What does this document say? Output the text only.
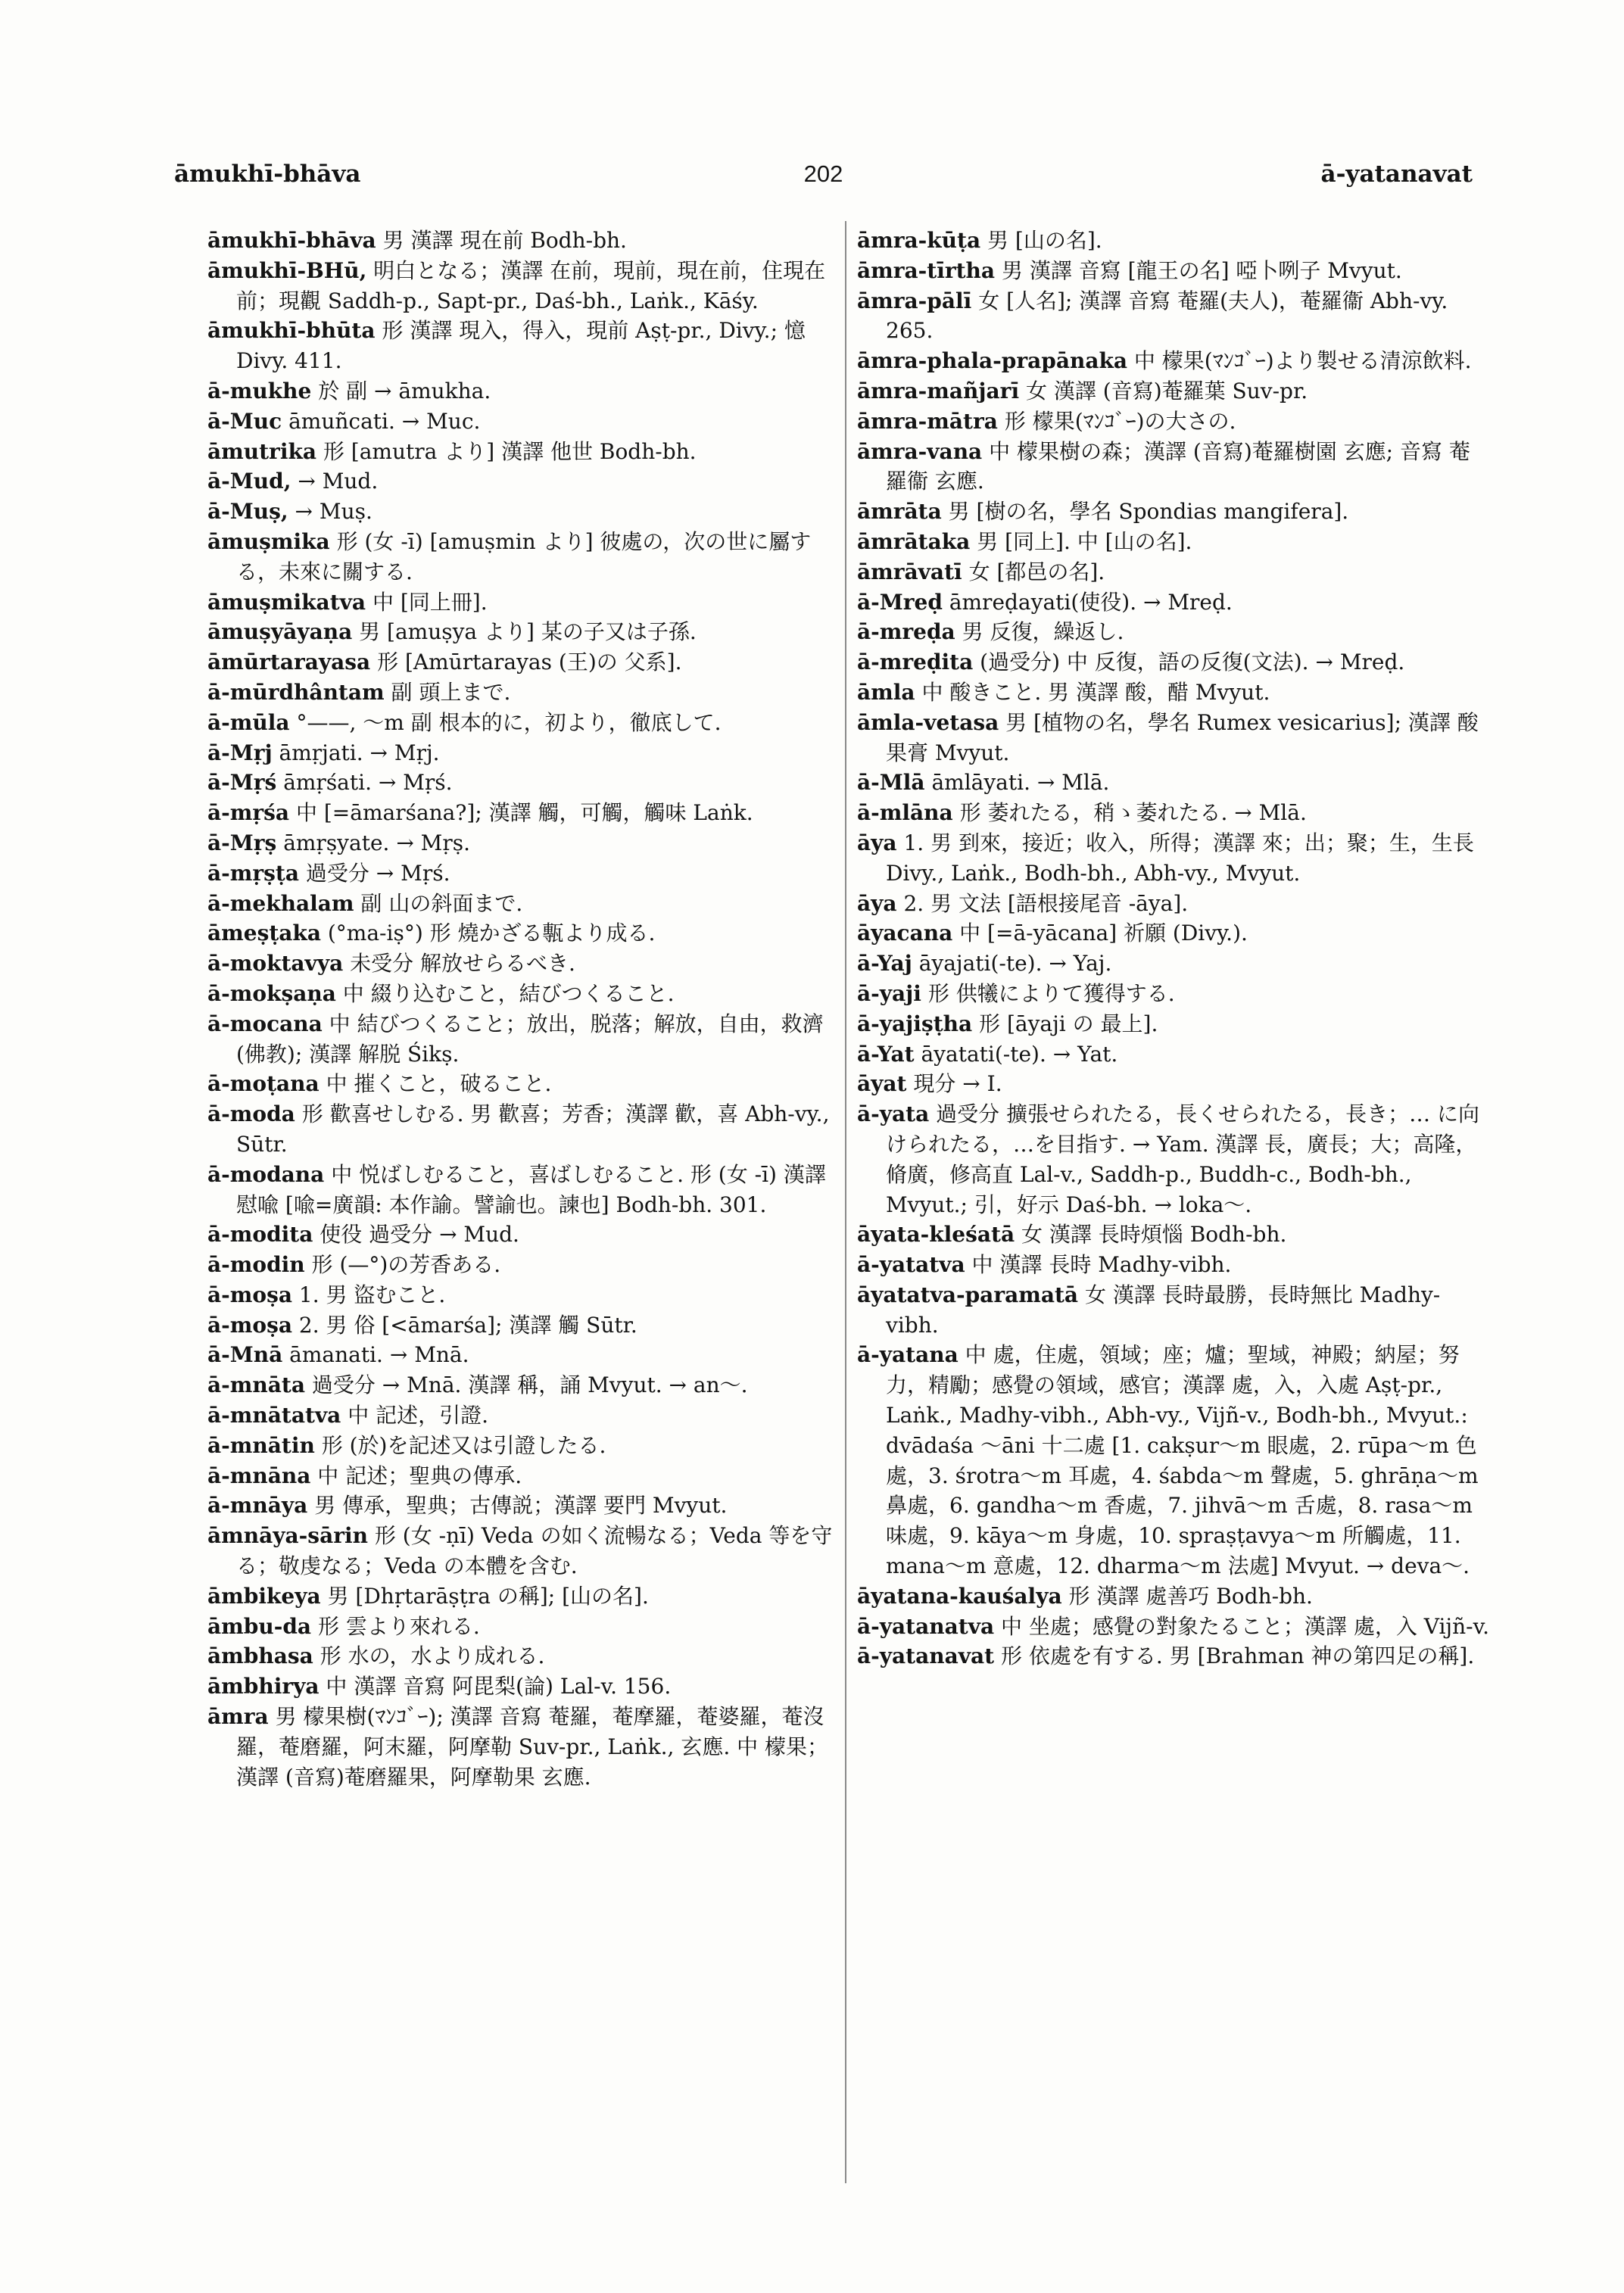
āmukhī-bhāva	202	ā-yatanavat

āmukhī-bhāva 男 漢譯 現在前 Bodh-bh.

āmukhī-BHū, 明白となる；漢譯 在前，現前，現在前，住現在前；現觀 Saddh-p., Sapt-pr., Daś-bh., Laṅk., Kāśy.

āmukhī-bhūta 形 漢譯 現入，得入，現前 Aṣṭ-pr., Divy.; 憶 Divy. 411.

ā-mukhe 於 副 → āmukha.

ā-Muc āmuñcati. → Muc.

āmutrika 形 [amutra より] 漢譯 他世 Bodh-bh.

ā-Mud, → Mud.

ā-Muṣ, → Muṣ.

āmuṣmika 形 (女 -ī) [amuṣmin より] 彼處の，次の世に屬する，未來に關する.

āmuṣmikatva 中 [同上冊].

āmuṣyāyaṇa 男 [amuṣya より] 某の子又は子孫.

āmūrtarayasa 形 [Amūrtarayas (王)の 父系].

ā-mūrdhântam 副 頭上まで.

ā-mūla °——, 〜m 副 根本的に，初より，徹底して.

ā-Mṛj āmṛjati. → Mṛj.

ā-Mṛś āmṛśati. → Mṛś.

ā-mṛśa 中 [=āmarśana?]; 漢譯 觸，可觸，觸味 Laṅk.

ā-Mṛṣ āmṛṣyate. → Mṛṣ.

ā-mṛṣṭa 過受分 → Mṛś.

ā-mekhalam 副 山の斜面まで.

āmeṣṭaka (°ma-iṣ°) 形 燒かざる甎より成る.

ā-moktavya 未受分 解放せらるべき.

ā-mokṣaṇa 中 綴り込むこと，結びつくること.

ā-mocana 中 結びつくること；放出，脱落；解放，自由，救濟(佛教); 漢譯 解脱 Śikṣ.

ā-moṭana 中 摧くこと，破ること.

ā-moda 形 歡喜せしむる. 男 歡喜；芳香；漢譯 歡，喜 Abh-vy., Sūtr.

ā-modana 中 悦ばしむること，喜ばしむること. 形 (女 -ī) 漢譯 慰喩 [喩=廣韻: 本作諭。譬諭也。諫也] Bodh-bh. 301.

ā-modita 使役 過受分 → Mud.

ā-modin 形 (—°)の芳香ある.

ā-moṣa 1. 男 盜むこと.

ā-moṣa 2. 男 俗 [<āmarśa]; 漢譯 觸 Sūtr.

ā-Mnā āmanati. → Mnā.

ā-mnāta 過受分 → Mnā. 漢譯 稱，誦 Mvyut. → an〜.

ā-mnātatva 中 記述，引證.

ā-mnātin 形 (於)を記述又は引證したる.

ā-mnāna 中 記述；聖典の傳承.

ā-mnāya 男 傳承，聖典；古傳説；漢譯 要門 Mvyut.

āmnāya-sārin 形 (女 -ṇī) Veda の如く流暢なる；Veda 等を守る；敬虔なる；Veda の本體を含む.

āmbikeya 男 [Dhṛtarāṣṭra の稱]; [山の名].

āmbu-da 形 雲より來れる.

āmbhasa 形 水の，水より成れる.

āmbhirya 中 漢譯 音寫 阿毘梨(論) Lal-v. 156.

āmra 男 檬果樹(ﾏﾝｺﾞｰ); 漢譯 音寫 菴羅，菴摩羅，菴婆羅，菴沒羅，菴磨羅，阿末羅，阿摩勒 Suv-pr., Laṅk., 玄應. 中 檬果；漢譯 (音寫)菴磨羅果，阿摩勒果 玄應.

āmra-kūṭa 男 [山の名].

āmra-tīrtha 男 漢譯 音寫 [龍王の名] 啞卜咧子 Mvyut.

āmra-pālī 女 [人名]; 漢譯 音寫 菴羅(夫人)，菴羅衞 Abh-vy. 265.

āmra-phala-prapānaka 中 檬果(ﾏﾝｺﾞｰ)より製せる清涼飲料.

āmra-mañjarī 女 漢譯 (音寫)菴羅葉 Suv-pr.

āmra-mātra 形 檬果(ﾏﾝｺﾞｰ)の大さの.

āmra-vana 中 檬果樹の森；漢譯 (音寫)菴羅樹園 玄應; 音寫 菴羅衞 玄應.

āmrāta 男 [樹の名，學名 Spondias mangifera].

āmrātaka 男 [同上]. 中 [山の名].

āmrāvatī 女 [都邑の名].

ā-Mreḍ āmreḍayati(使役). → Mreḍ.

ā-mreḍa 男 反復，繰返し.

ā-mreḍita (過受分) 中 反復，語の反復(文法). → Mreḍ.

āmla 中 酸きこと. 男 漢譯 酸，醋 Mvyut.

āmla-vetasa 男 [植物の名，學名 Rumex vesicarius]; 漢譯 酸果膏 Mvyut.

ā-Mlā āmlāyati. → Mlā.

ā-mlāna 形 萎れたる，稍ゝ萎れたる. → Mlā.

āya 1. 男 到來，接近；收入，所得；漢譯 來；出；聚；生，生長 Divy., Laṅk., Bodh-bh., Abh-vy., Mvyut.

āya 2. 男 文法 [語根接尾音 -āya].

āyacana 中 [=ā-yācana] 祈願 (Divy.).

ā-Yaj āyajati(-te). → Yaj.

ā-yaji 形 供犧によりて獲得する.

ā-yajiṣṭha 形 [āyaji の 最上].

ā-Yat āyatati(-te). → Yat.

āyat 現分 → I.

ā-yata 過受分 擴張せられたる，長くせられたる，長き；… に向けられたる，…を目指す. → Yam. 漢譯 長，廣長；大；高隆，脩廣，修高直 Lal-v., Saddh-p., Buddh-c., Bodh-bh., Mvyut.; 引，好示 Daś-bh. → loka〜.

āyata-kleśatā 女 漢譯 長時煩惱 Bodh-bh.

ā-yatatva 中 漢譯 長時 Madhy-vibh.

āyatatva-paramatā 女 漢譯 長時最勝，長時無比 Madhy-vibh.

ā-yatana 中 處，住處，領域；座；爐；聖域，神殿；納屋；努力，精勵；感覺の領域，感官；漢譯 處，入，入處 Aṣṭ-pr., Laṅk., Madhy-vibh., Abh-vy., Vijñ-v., Bodh-bh., Mvyut.: dvādaśa 〜āni 十二處 [1. cakṣur〜m 眼處，2. rūpa〜m 色處，3. śrotra〜m 耳處，4. śabda〜m 聲處，5. ghrāṇa〜m 鼻處，6. gandha〜m 香處，7. jihvā〜m 舌處，8. rasa〜m 味處，9. kāya〜m 身處，10. spraṣṭavya〜m 所觸處，11. mana〜m 意處，12. dharma〜m 法處] Mvyut. → deva〜.

āyatana-kauśalya 形 漢譯 處善巧 Bodh-bh.

ā-yatanatva 中 坐處；感覺の對象たること；漢譯 處，入 Vijñ-v.

ā-yatanavat 形 依處を有する. 男 [Brahman 神の第四足の稱].
